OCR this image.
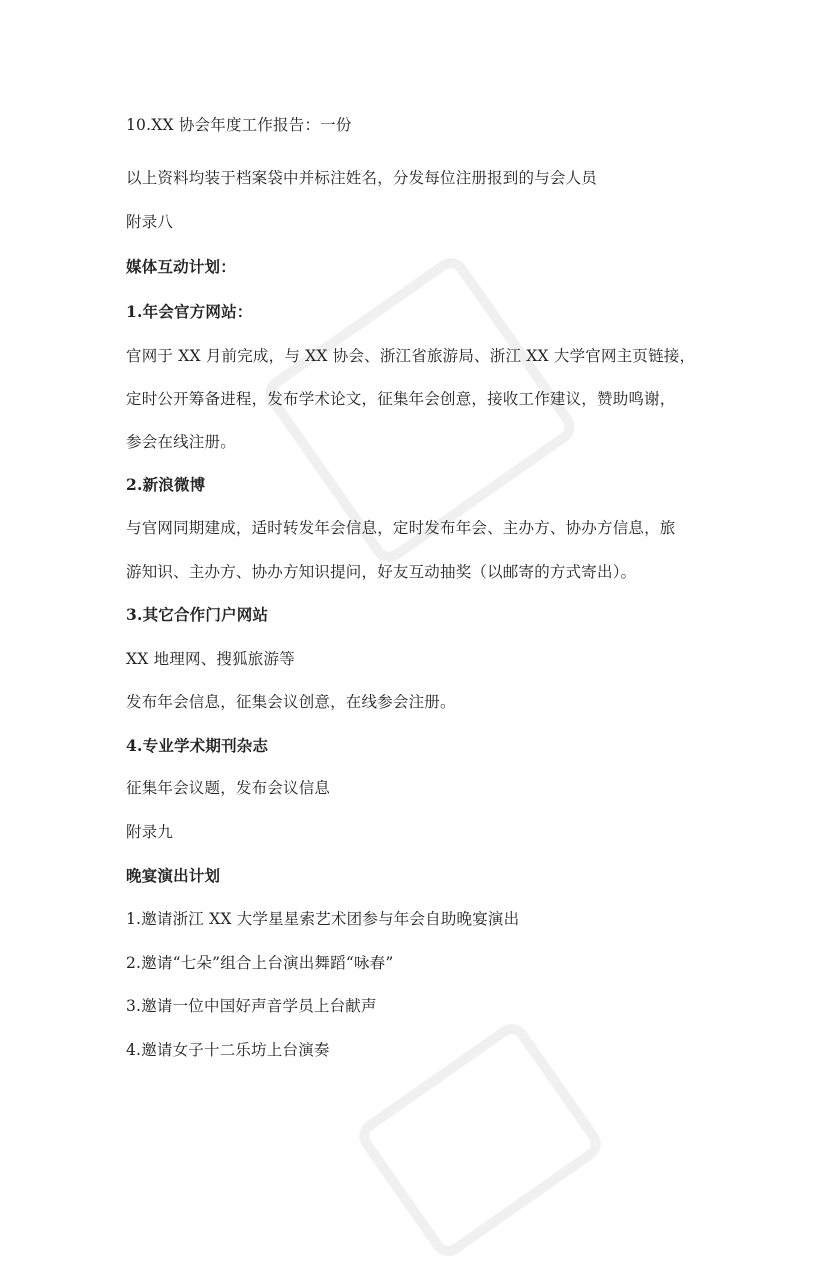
10.XX 协会年度工作报告：一份
以上资料均装于档案袋中并标注姓名，分发每位注册报到的与会人员
附录八
媒体互动计划：
1.年会官方网站：
官网于 XX 月前完成，与 XX 协会、浙江省旅游局、浙江 XX 大学官网主页链接，
定时公开筹备进程，发布学术论文，征集年会创意，接收工作建议，赞助鸣谢，
参会在线注册。
2.新浪微博
与官网同期建成，适时转发年会信息，定时发布年会、主办方、协办方信息，旅
游知识、主办方、协办方知识提问，好友互动抽奖（以邮寄的方式寄出）。
3.其它合作门户网站
XX 地理网、搜狐旅游等
发布年会信息，征集会议创意，在线参会注册。
4.专业学术期刊杂志
征集年会议题，发布会议信息
附录九
晚宴演出计划
1.邀请浙江 XX 大学星星索艺术团参与年会自助晚宴演出
2.邀请“七朵”组合上台演出舞蹈“咏春”
3.邀请一位中国好声音学员上台献声
4.邀请女子十二乐坊上台演奏
